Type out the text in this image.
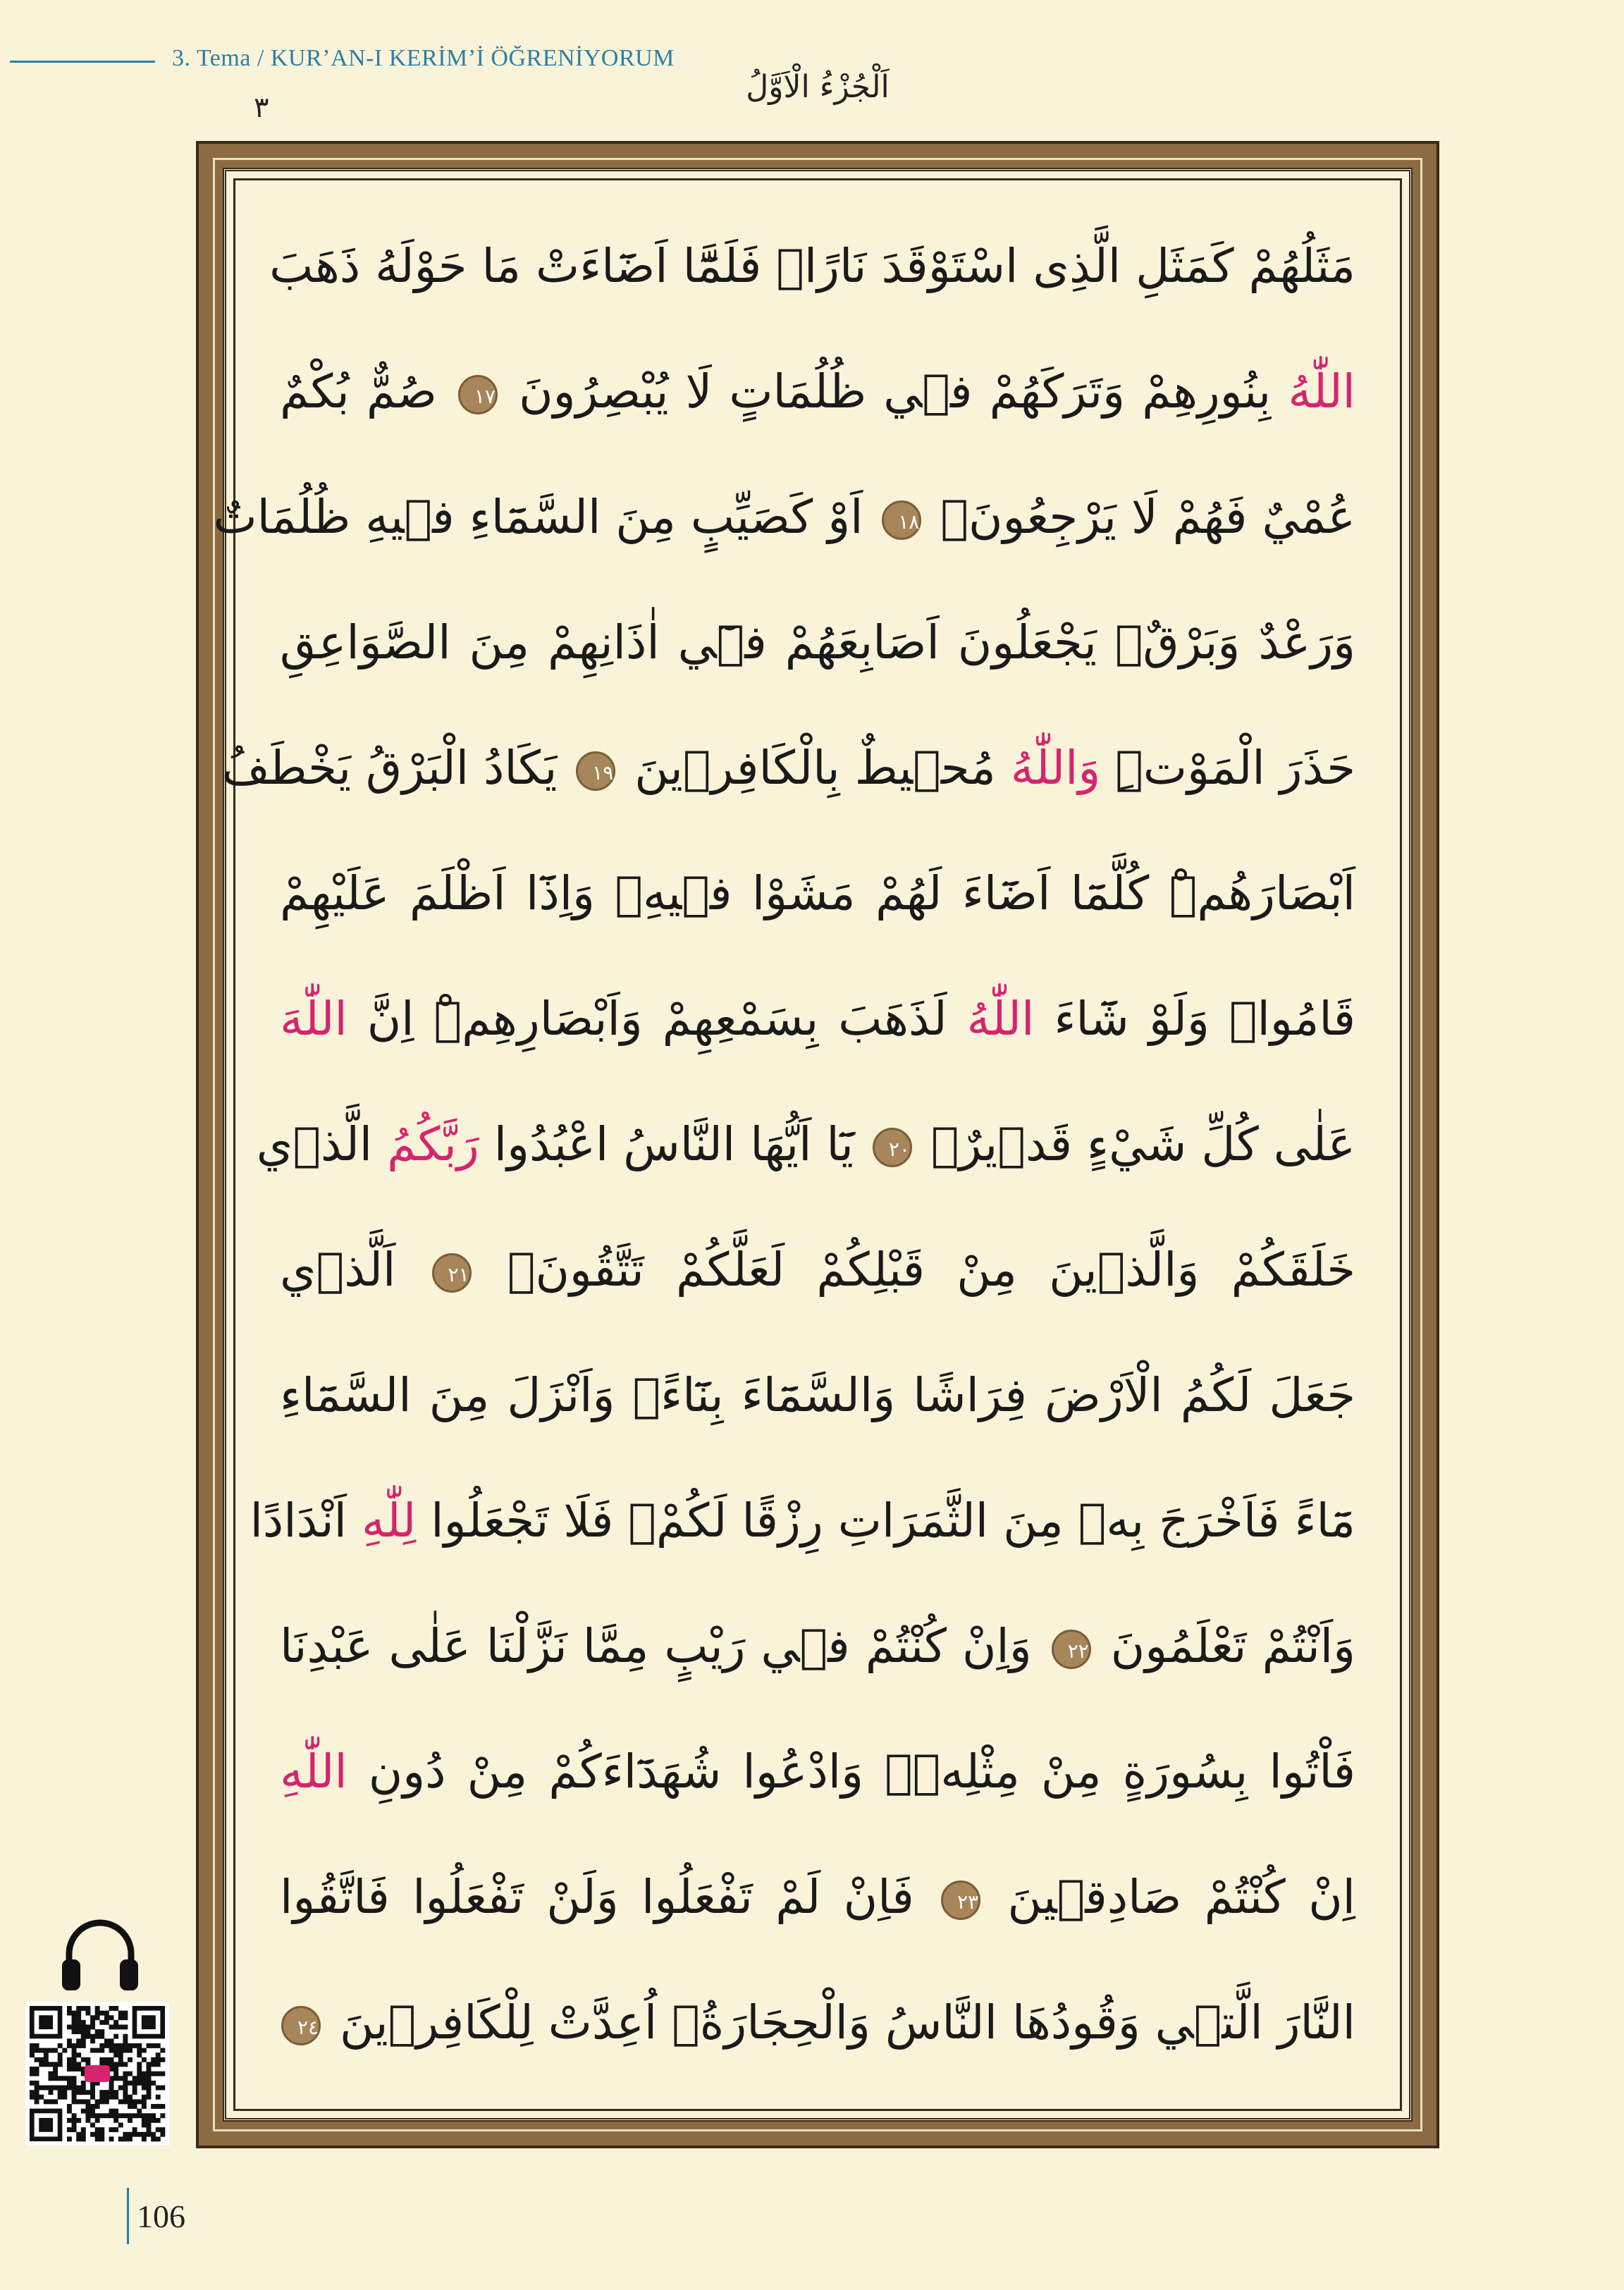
3. Tema / KUR’AN-I KERİM’İ ÖĞRENİYORUM
اَلْجُزْءُ الْاَوَّلُ
٣
مَثَلُهُمْ كَمَثَلِ الَّذِى اسْتَوْقَدَ نَارًاۚ فَلَمَّٓا اَضَٓاءَتْ مَا حَوْلَهُ ذَهَبَ
اللّٰهُ بِنُورِهِمْ وَتَرَكَهُمْ ف۪ي ظُلُمَاتٍ لَا يُبْصِرُونَ ١٧ صُمٌّ بُكْمٌ
عُمْيٌ فَهُمْ لَا يَرْجِعُونَۙ ١٨ اَوْ كَصَيِّبٍ مِنَ السَّمَٓاءِ ف۪يهِ ظُلُمَاتٌ
وَرَعْدٌ وَبَرْقٌۚ يَجْعَلُونَ اَصَابِعَهُمْ ف۪ٓي اٰذَانِهِمْ مِنَ الصَّوَاعِقِ
حَذَرَ الْمَوْتِۜ وَاللّٰهُ مُح۪يطٌ بِالْكَافِر۪ينَ ١٩ يَكَادُ الْبَرْقُ يَخْطَفُ
اَبْصَارَهُمْۜ كُلَّمَٓا اَضَٓاءَ لَهُمْ مَشَوْا ف۪يهِۙ وَاِذَٓا اَظْلَمَ عَلَيْهِمْ
قَامُواۜ وَلَوْ شَٓاءَ اللّٰهُ لَذَهَبَ بِسَمْعِهِمْ وَاَبْصَارِهِمْۜ اِنَّ اللّٰهَ
عَلٰى كُلِّ شَيْءٍ قَد۪يرٌ۟ ٢٠ يَٓا اَيُّهَا النَّاسُ اعْبُدُوا رَبَّكُمُ الَّذ۪ي
خَلَقَكُمْ وَالَّذ۪ينَ مِنْ قَبْلِكُمْ لَعَلَّكُمْ تَتَّقُونَۙ ٢١ اَلَّذ۪ي
جَعَلَ لَكُمُ الْاَرْضَ فِرَاشًا وَالسَّمَٓاءَ بِنَٓاءًۖ وَاَنْزَلَ مِنَ السَّمَٓاءِ
مَٓاءً فَاَخْرَجَ بِه۪ مِنَ الثَّمَرَاتِ رِزْقًا لَكُمْۚ فَلَا تَجْعَلُوا لِلّٰهِ اَنْدَادًا
وَاَنْتُمْ تَعْلَمُونَ ٢٢ وَاِنْ كُنْتُمْ ف۪ي رَيْبٍ مِمَّا نَزَّلْنَا عَلٰى عَبْدِنَا
فَاْتُوا بِسُورَةٍ مِنْ مِثْلِه۪ۖ وَادْعُوا شُهَدَٓاءَكُمْ مِنْ دُونِ اللّٰهِ
اِنْ كُنْتُمْ صَادِق۪ينَ ٢٣ فَاِنْ لَمْ تَفْعَلُوا وَلَنْ تَفْعَلُوا فَاتَّقُوا
النَّارَ الَّت۪ي وَقُودُهَا النَّاسُ وَالْحِجَارَةُۚ اُعِدَّتْ لِلْكَافِر۪ينَ ٢٤
106
